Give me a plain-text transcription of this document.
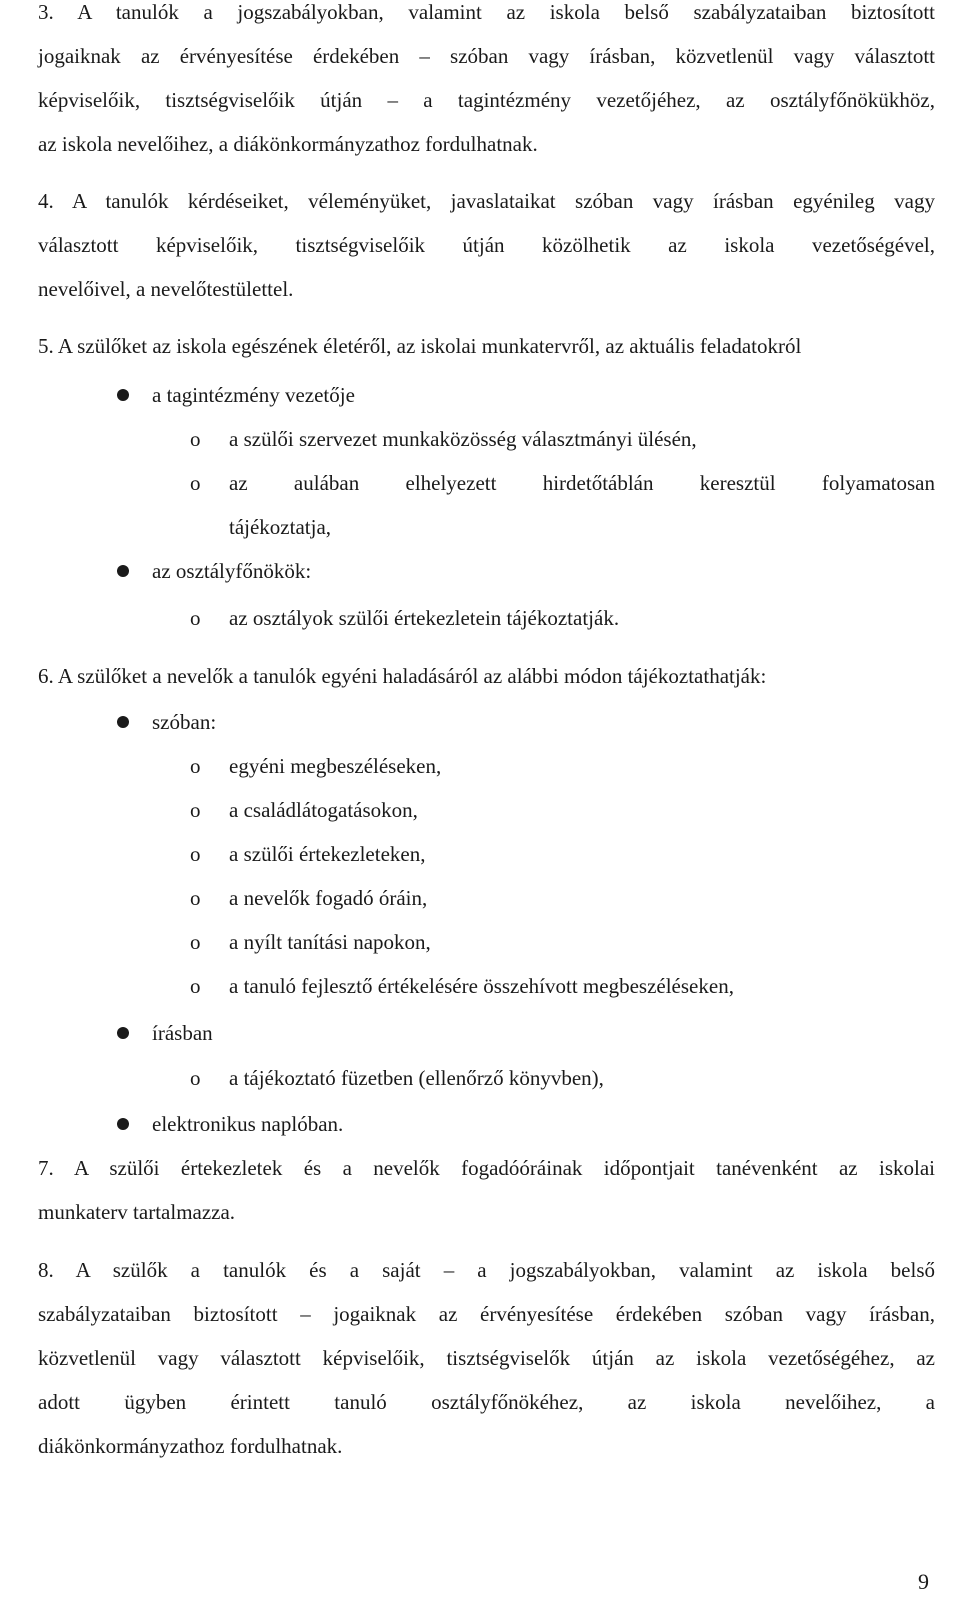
3. A tanulók a jogszabályokban, valamint az iskola belső szabályzataiban biztosított
jogaiknak az érvényesítése érdekében – szóban vagy írásban, közvetlenül vagy választott
képviselőik, tisztségviselőik útján – a tagintézmény vezetőjéhez, az osztályfőnökükhöz,
az iskola nevelőihez, a diákönkormányzathoz fordulhatnak.
4. A tanulók kérdéseiket, véleményüket, javaslataikat szóban vagy írásban egyénileg vagy
választott képviselőik, tisztségviselőik útján közölhetik az iskola vezetőségével,
nevelőivel, a nevelőtestülettel.
5. A szülőket az iskola egészének életéről, az iskolai munkatervről, az aktuális feladatokról
a tagintézmény vezetője
o a szülői szervezet munkaközösség választmányi ülésén,
o az aulában elhelyezett hirdetőtáblán keresztül folyamatosan
tájékoztatja,
az osztályfőnökök:
o az osztályok szülői értekezletein tájékoztatják.
6. A szülőket a nevelők a tanulók egyéni haladásáról az alábbi módon tájékoztathatják:
szóban:
o egyéni megbeszéléseken,
o a családlátogatásokon,
o a szülői értekezleteken,
o a nevelők fogadó óráin,
o a nyílt tanítási napokon,
o a tanuló fejlesztő értékelésére összehívott megbeszéléseken,
írásban
o a tájékoztató füzetben (ellenőrző könyvben),
elektronikus naplóban.
7. A szülői értekezletek és a nevelők fogadóóráinak időpontjait tanévenként az iskolai
munkaterv tartalmazza.
8. A szülők a tanulók és a saját – a jogszabályokban, valamint az iskola belső
szabályzataiban biztosított – jogaiknak az érvényesítése érdekében szóban vagy írásban,
közvetlenül vagy választott képviselőik, tisztségviselők útján az iskola vezetőségéhez, az
adott ügyben érintett tanuló osztályfőnökéhez, az iskola nevelőihez, a
diákönkormányzathoz fordulhatnak.
9
